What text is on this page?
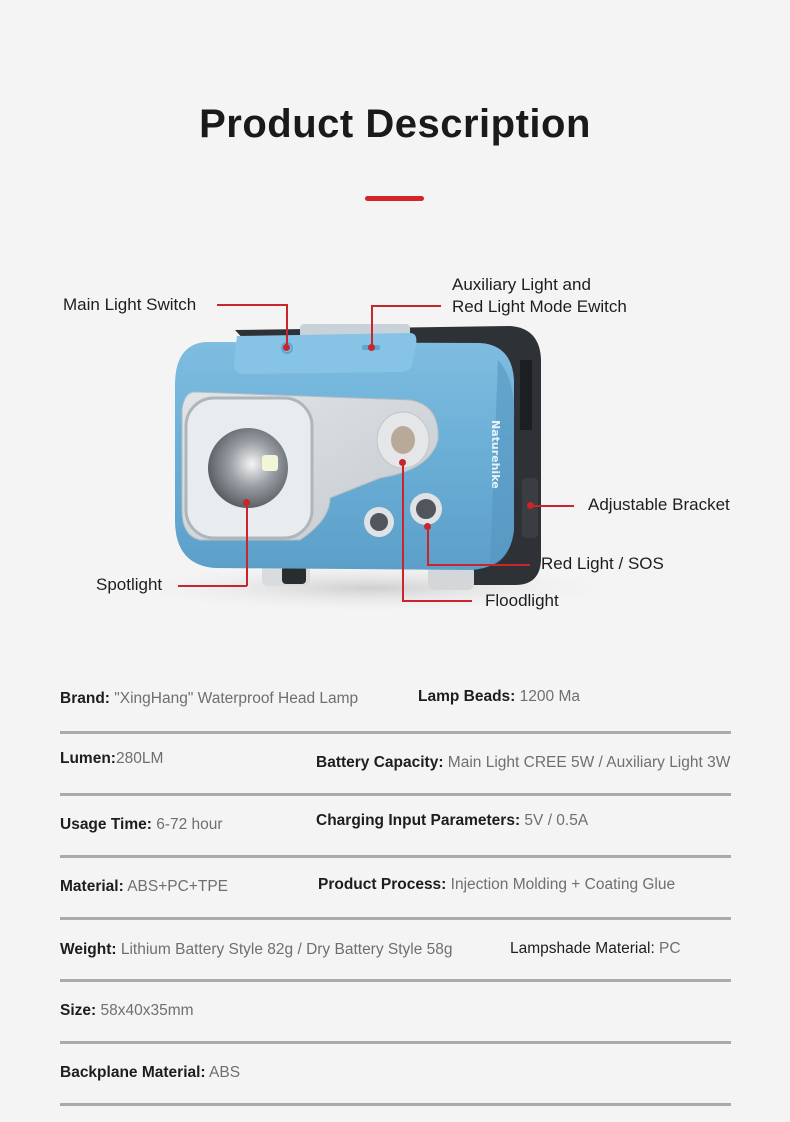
Product Description
Naturehike
Main Light Switch
Auxiliary Light and
Red Light Mode Ewitch
Adjustable Bracket
Red Light / SOS
Floodlight
Spotlight
Brand: "XingHang" Waterproof Head Lamp	Lamp Beads: 1200 Ma
Lumen:280LM	Battery Capacity: Main Light CREE 5W / Auxiliary Light 3W
Usage Time: 6-72 hour	Charging Input Parameters: 5V / 0.5A
Material: ABS+PC+TPE	Product Process: Injection Molding + Coating Glue
Weight: Lithium Battery Style 82g / Dry Battery Style 58g	Lampshade Material: PC
Size: 58x40x35mm
Backplane Material: ABS
